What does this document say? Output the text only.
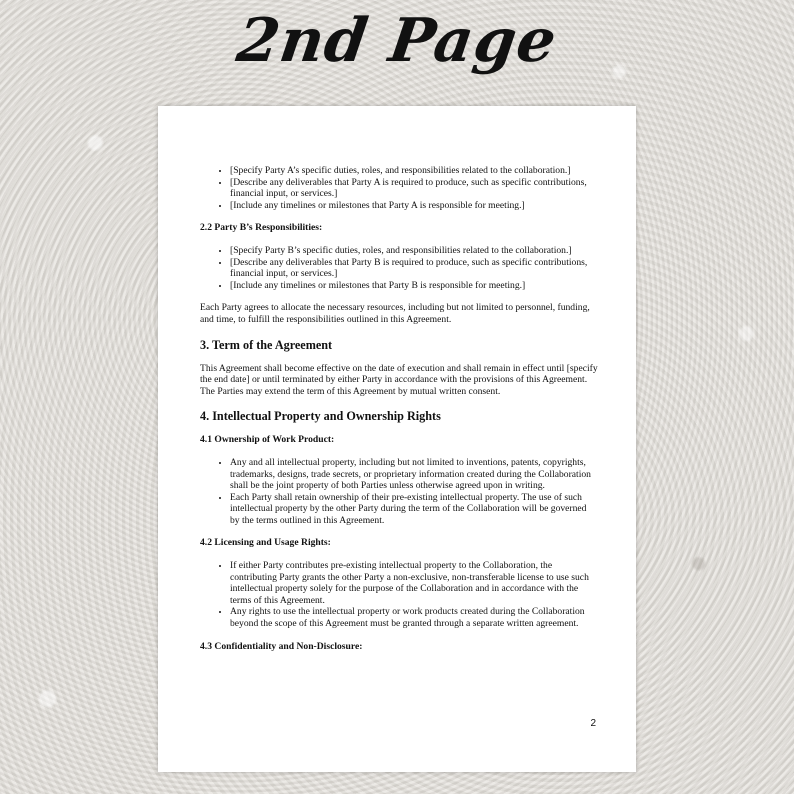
2nd Page
• [Specify Party A’s specific duties, roles, and responsibilities related to the collaboration.]
• [Describe any deliverables that Party A is required to produce, such as specific contributions, financial input, or services.]
• [Include any timelines or milestones that Party A is responsible for meeting.]

2.2 Party B’s Responsibilities:

• [Specify Party B’s specific duties, roles, and responsibilities related to the collaboration.]
• [Describe any deliverables that Party B is required to produce, such as specific contributions, financial input, or services.]
• [Include any timelines or milestones that Party B is responsible for meeting.]

Each Party agrees to allocate the necessary resources, including but not limited to personnel, funding, and time, to fulfill the responsibilities outlined in this Agreement.

3. Term of the Agreement

This Agreement shall become effective on the date of execution and shall remain in effect until [specify the end date] or until terminated by either Party in accordance with the provisions of this Agreement. The Parties may extend the term of this Agreement by mutual written consent.

4. Intellectual Property and Ownership Rights

4.1 Ownership of Work Product:

• Any and all intellectual property, including but not limited to inventions, patents, copyrights, trademarks, designs, trade secrets, or proprietary information created during the Collaboration shall be the joint property of both Parties unless otherwise agreed upon in writing.
• Each Party shall retain ownership of their pre-existing intellectual property. The use of such intellectual property by the other Party during the term of the Collaboration will be governed by the terms outlined in this Agreement.

4.2 Licensing and Usage Rights:

• If either Party contributes pre-existing intellectual property to the Collaboration, the contributing Party grants the other Party a non-exclusive, non-transferable license to use such intellectual property solely for the purpose of the Collaboration and in accordance with the terms of this Agreement.
• Any rights to use the intellectual property or work products created during the Collaboration beyond the scope of this Agreement must be granted through a separate written agreement.

4.3 Confidentiality and Non-Disclosure:

2
